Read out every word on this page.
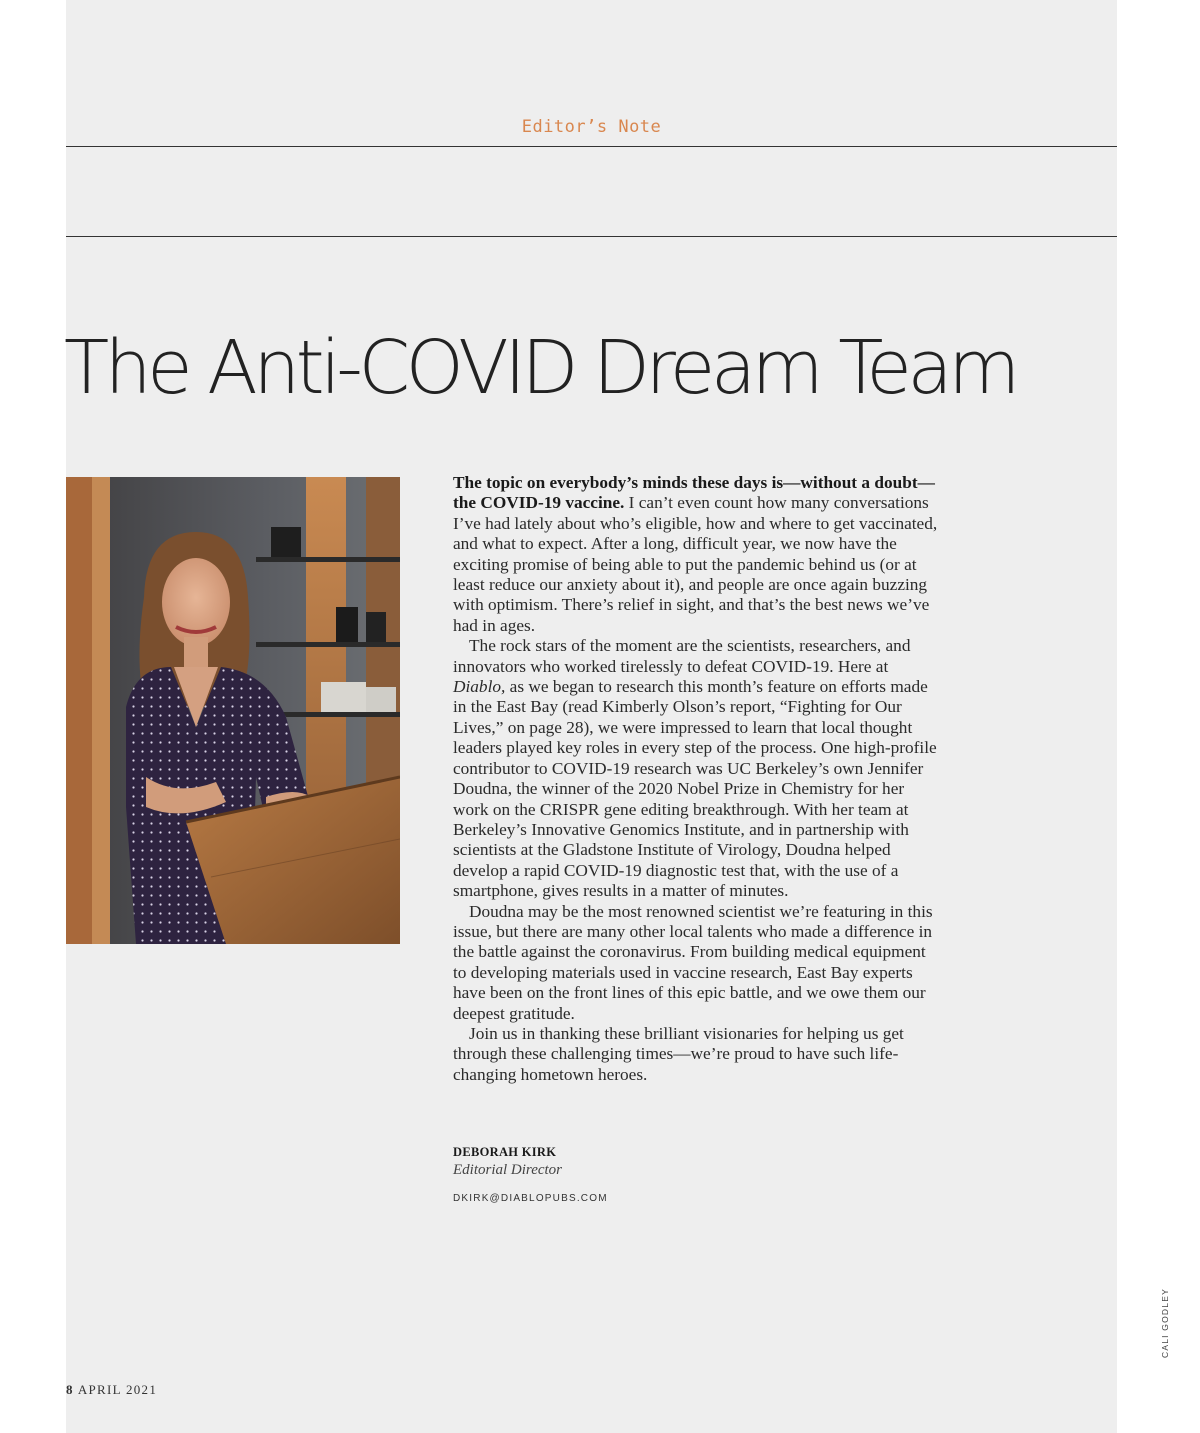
Editor’s Note
The Anti-COVID Dream Team

The topic on everybody’s minds these days is—without a doubt—the COVID-19 vaccine. I can’t even count how many conversations I’ve had lately about who’s eligible, how and where to get vaccinated, and what to expect. After a long, difficult year, we now have the exciting promise of being able to put the pandemic behind us (or at least reduce our anxiety about it), and people are once again buzzing with optimism. There’s relief in sight, and that’s the best news we’ve had in ages.

The rock stars of the moment are the scientists, researchers, and innovators who worked tirelessly to defeat COVID-19. Here at Diablo, as we began to research this month’s feature on efforts made in the East Bay (read Kimberly Olson’s report, “Fighting for Our Lives,” on page 28), we were impressed to learn that local thought leaders played key roles in every step of the process. One high-profile contributor to COVID-19 research was UC Berkeley’s own Jennifer Doudna, the winner of the 2020 Nobel Prize in Chemistry for her work on the CRISPR gene editing breakthrough. With her team at Berkeley’s Innovative Genomics Institute, and in partnership with scientists at the Gladstone Institute of Virology, Doudna helped develop a rapid COVID-19 diagnostic test that, with the use of a smartphone, gives results in a matter of minutes.

Doudna may be the most renowned scientist we’re featuring in this issue, but there are many other local talents who made a difference in the battle against the coronavirus. From building medical equipment to developing materials used in vaccine research, East Bay experts have been on the front lines of this epic battle, and we owe them our deepest gratitude.

Join us in thanking these brilliant visionaries for helping us get through these challenging times—we’re proud to have such life-changing hometown heroes.

DEBORAH KIRK
Editorial Director
DKIRK@DIABLOPUBS.COM
8 APRIL 2021
CALI GODLEY
